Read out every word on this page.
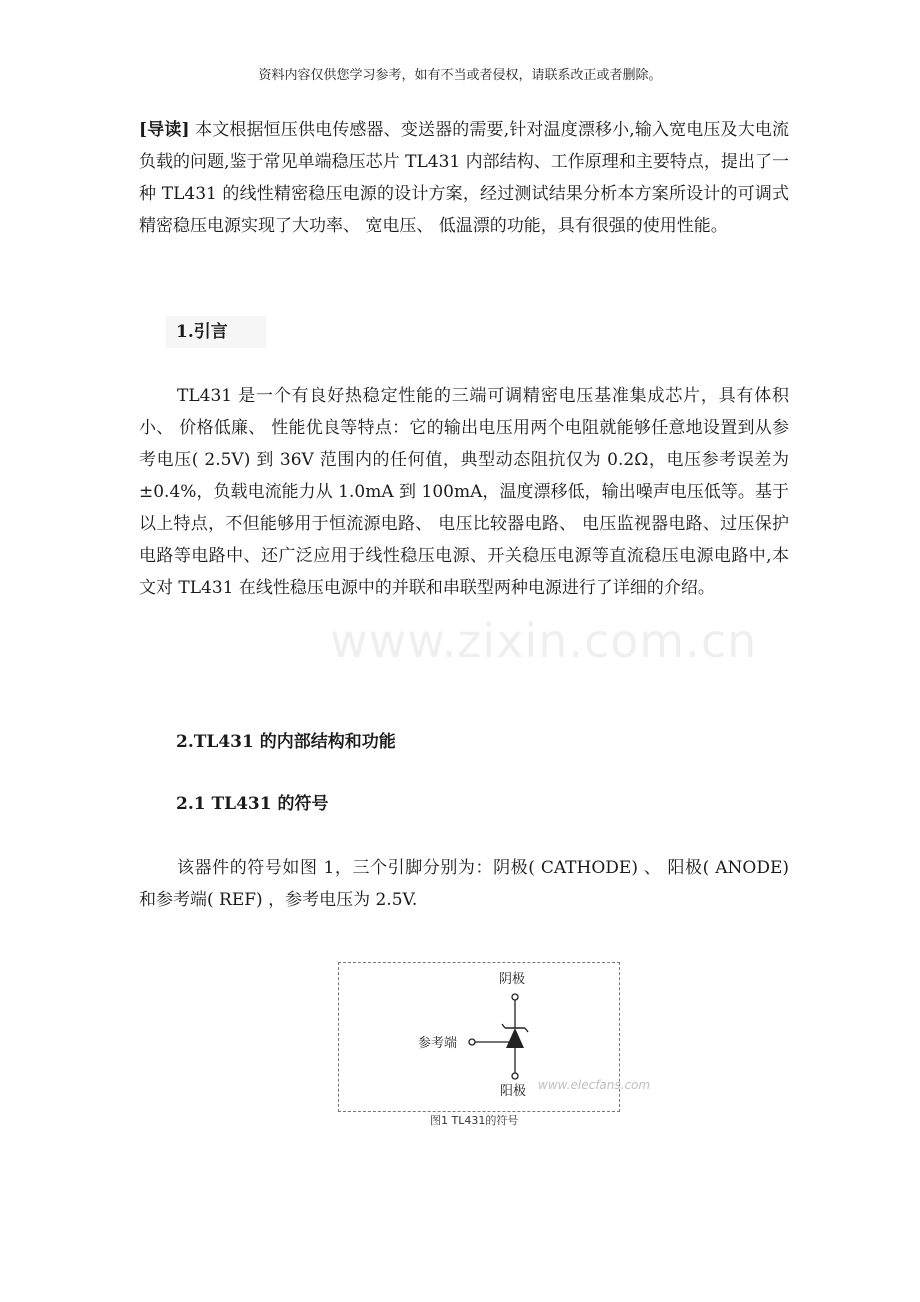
资料内容仅供您学习参考，如有不当或者侵权，请联系改正或者删除。

[导读] 本文根据恒压供电传感器、变送器的需要,针对温度漂移小,输入宽电压及大电流负载的问题,鉴于常见单端稳压芯片 TL431 内部结构、工作原理和主要特点，提出了一种 TL431 的线性精密稳压电源的设计方案，经过测试结果分析本方案所设计的可调式精密稳压电源实现了大功率、 宽电压、 低温漂的功能，具有很强的使用性能。

1.引言

TL431 是一个有良好热稳定性能的三端可调精密电压基准集成芯片，具有体积小、 价格低廉、 性能优良等特点：它的输出电压用两个电阻就能够任意地设置到从参考电压( 2.5V) 到 36V 范围内的任何值，典型动态阻抗仅为 0.2Ω，电压参考误差为±0.4%，负载电流能力从 1.0mA 到 100mA，温度漂移低，输出噪声电压低等。基于以上特点，不但能够用于恒流源电路、 电压比较器电路、 电压监视器电路、过压保护电路等电路中、还广泛应用于线性稳压电源、开关稳压电源等直流稳压电源电路中,本文对 TL431 在线性稳压电源中的并联和串联型两种电源进行了详细的介绍。

www.zixin.com.cn
2.TL431 的内部结构和功能
2.1 TL431 的符号

该器件的符号如图 1，三个引脚分别为：阴极( CATHODE) 、 阳极( ANODE) 和参考端( REF) ，参考电压为 2.5V.

阴极
参考端
阳极 www.elecfans.com
图1 TL431的符号
